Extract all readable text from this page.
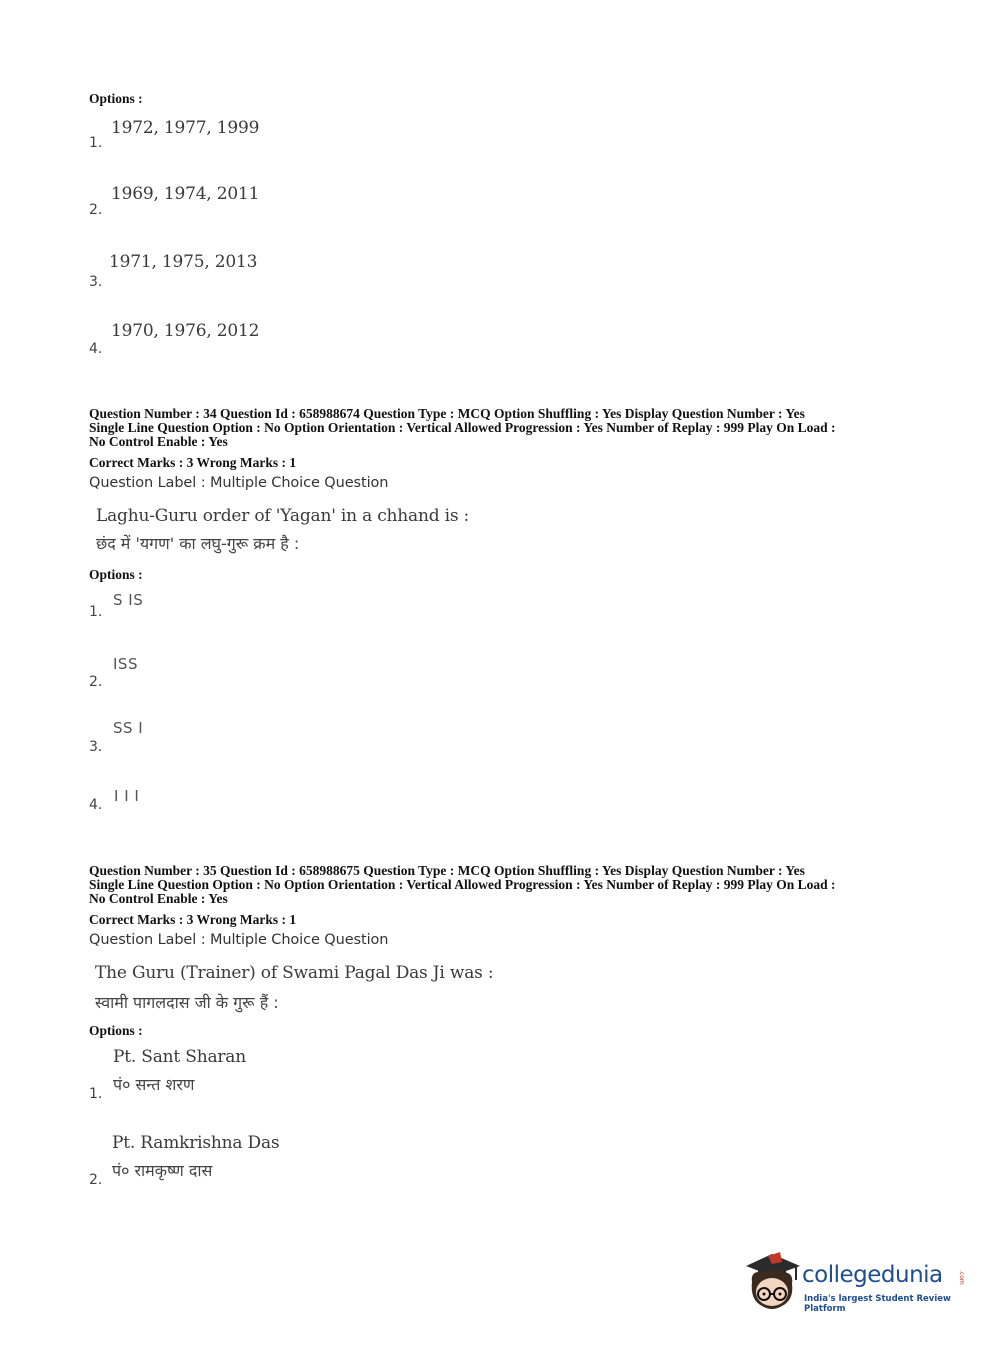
Options :
1972, 1977, 1999
1.
1969, 1974, 2011
2.
1971, 1975, 2013
3.
1970, 1976, 2012
4.
Question Number : 34 Question Id : 658988674 Question Type : MCQ Option Shuffling : Yes Display Question Number : Yes
Single Line Question Option : No Option Orientation : Vertical Allowed Progression : Yes Number of Replay : 999 Play On Load :
No Control Enable : Yes
Correct Marks : 3 Wrong Marks : 1
Question Label : Multiple Choice Question
Laghu-Guru order of 'Yagan' in a chhand is :
छंद में 'यगण' का लघु-गुरू क्रम है :
Options :
S IS
1.
ISS
2.
SS I
3.
I I I
4.
Question Number : 35 Question Id : 658988675 Question Type : MCQ Option Shuffling : Yes Display Question Number : Yes
Single Line Question Option : No Option Orientation : Vertical Allowed Progression : Yes Number of Replay : 999 Play On Load :
No Control Enable : Yes
Correct Marks : 3 Wrong Marks : 1
Question Label : Multiple Choice Question
The Guru (Trainer) of Swami Pagal Das Ji was :
स्वामी पागलदास जी के गुरू हैं :
Options :
Pt. Sant Sharan
पं० सन्त शरण
1.
Pt. Ramkrishna Das
पं० रामकृष्ण दास
2.
collegedunia	.com
India's largest Student Review Platform
